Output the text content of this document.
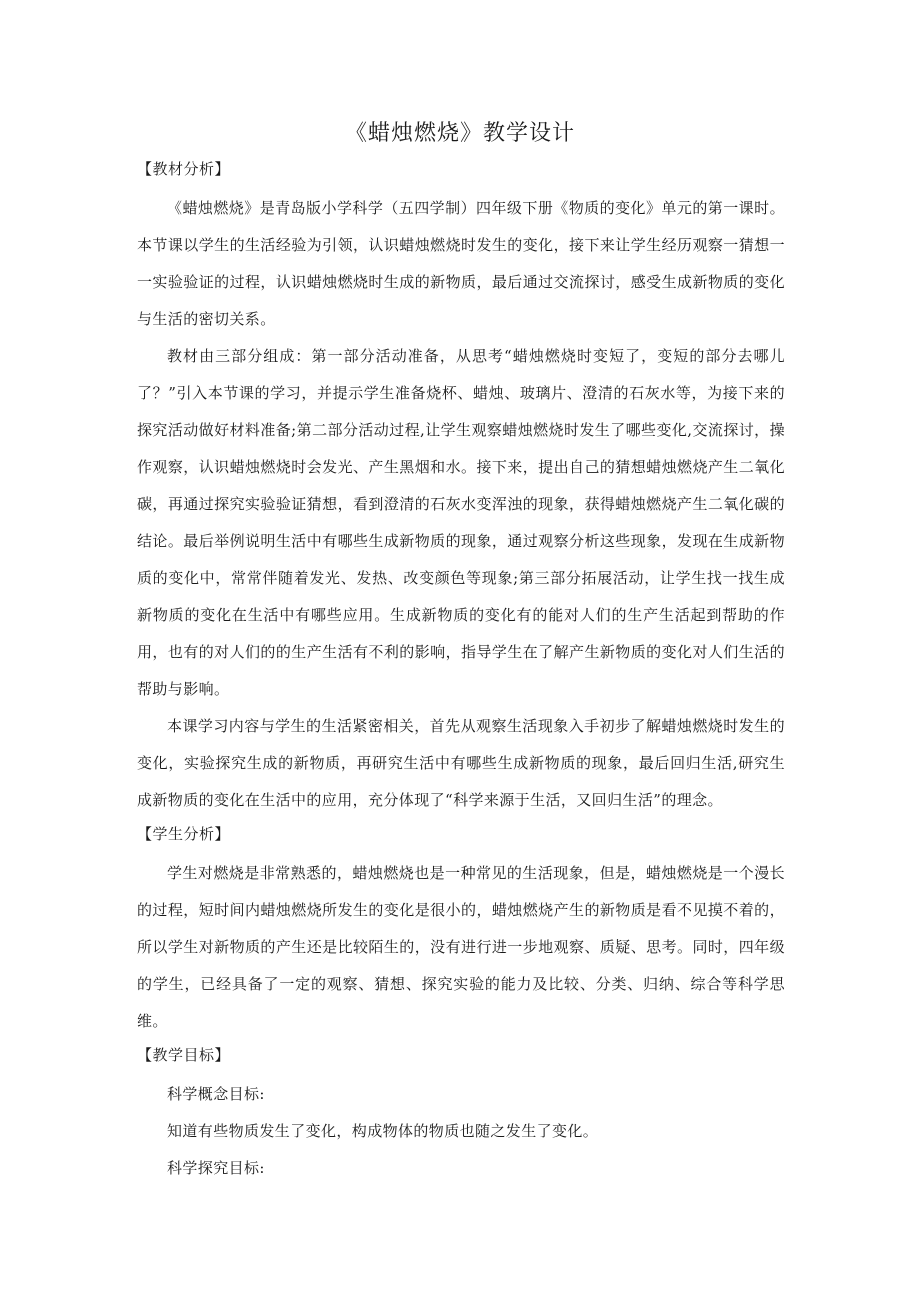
《蜡烛燃烧》教学设计
【教材分析】

《蜡烛燃烧》是青岛版小学科学（五四学制）四年级下册《物质的变化》单元的第一课时。本节课以学生的生活经验为引领，认识蜡烛燃烧时发生的变化，接下来让学生经历观察一猜想一一实验验证的过程，认识蜡烛燃烧时生成的新物质，最后通过交流探讨，感受生成新物质的变化与生活的密切关系。

教材由三部分组成：第一部分活动准备，从思考“蜡烛燃烧时变短了，变短的部分去哪儿了？”引入本节课的学习，并提示学生准备烧杯、蜡烛、玻璃片、澄清的石灰水等，为接下来的探究活动做好材料准备;第二部分活动过程,让学生观察蜡烛燃烧时发生了哪些变化,交流探讨，操作观察，认识蜡烛燃烧时会发光、产生黑烟和水。接下来，提出自己的猜想蜡烛燃烧产生二氧化碳，再通过探究实验验证猜想，看到澄清的石灰水变浑浊的现象，获得蜡烛燃烧产生二氧化碳的结论。最后举例说明生活中有哪些生成新物质的现象，通过观察分析这些现象，发现在生成新物质的变化中，常常伴随着发光、发热、改变颜色等现象;第三部分拓展活动，让学生找一找生成新物质的变化在生活中有哪些应用。生成新物质的变化有的能对人们的生产生活起到帮助的作用，也有的对人们的的生产生活有不利的影响，指导学生在了解产生新物质的变化对人们生活的帮助与影响。

本课学习内容与学生的生活紧密相关，首先从观察生活现象入手初步了解蜡烛燃烧时发生的变化，实验探究生成的新物质，再研究生活中有哪些生成新物质的现象，最后回归生活,研究生成新物质的变化在生活中的应用，充分体现了“科学来源于生活，又回归生活”的理念。

【学生分析】

学生对燃烧是非常熟悉的，蜡烛燃烧也是一种常见的生活现象，但是，蜡烛燃烧是一个漫长的过程，短时间内蜡烛燃烧所发生的变化是很小的，蜡烛燃烧产生的新物质是看不见摸不着的，所以学生对新物质的产生还是比较陌生的，没有进行进一步地观察、质疑、思考。同时，四年级的学生，已经具备了一定的观察、猜想、探究实验的能力及比较、分类、归纳、综合等科学思维。

【教学目标】

科学概念目标:

知道有些物质发生了变化，构成物体的物质也随之发生了变化。

科学探究目标:
